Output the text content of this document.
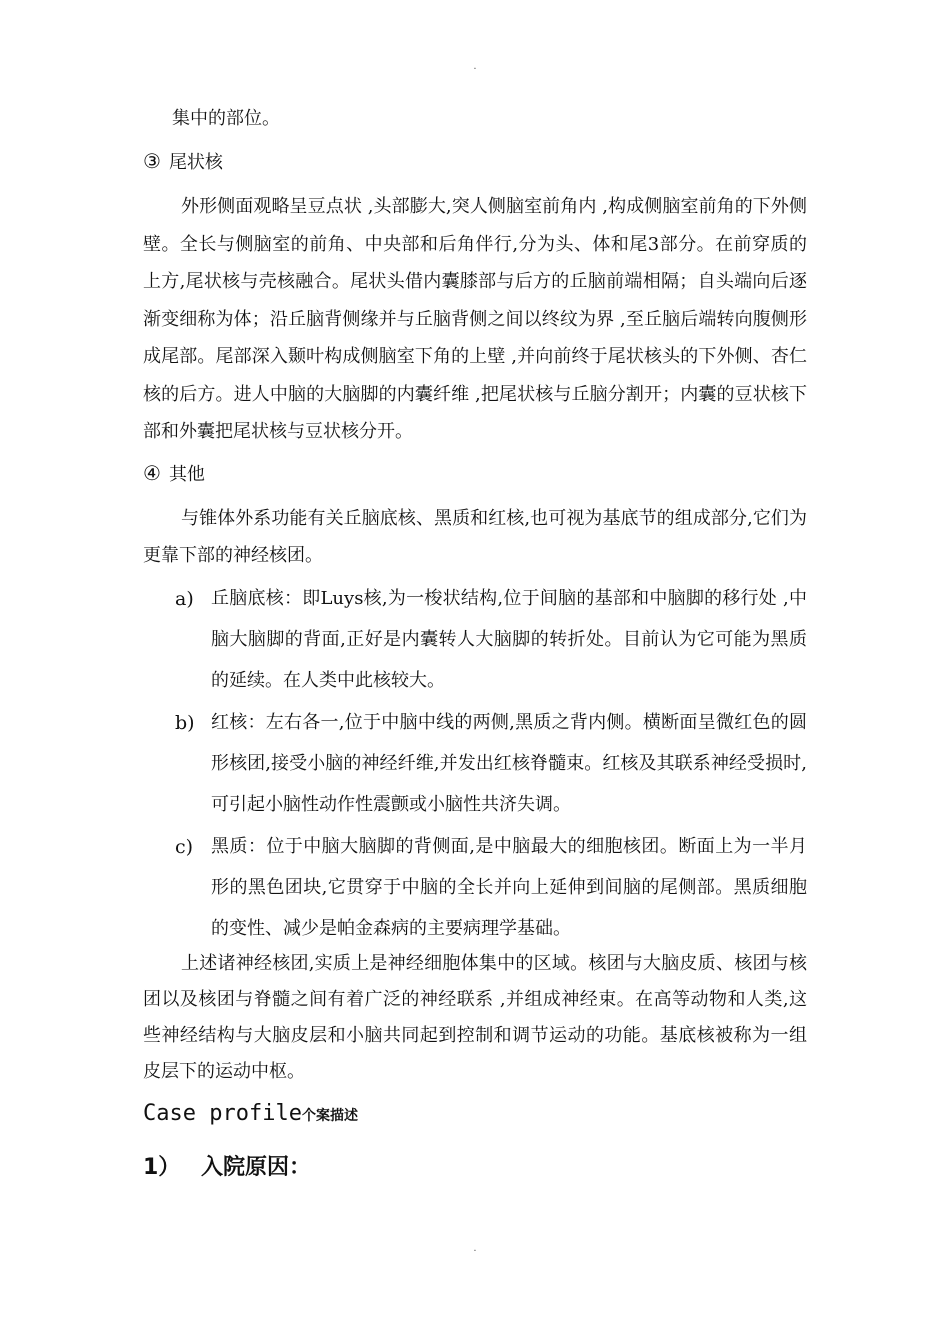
.
集中的部位。
③ 尾状核
外形侧面观略呈豆点状 ,头部膨大,突人侧脑室前角内 ,构成侧脑室前角的下外侧壁。全长与侧脑室的前角、中央部和后角伴行,分为头、体和尾3部分。在前穿质的上方,尾状核与壳核融合。尾状头借内囊膝部与后方的丘脑前端相隔；自头端向后逐渐变细称为体；沿丘脑背侧缘并与丘脑背侧之间以终纹为界 ,至丘脑后端转向腹侧形成尾部。尾部深入颞叶构成侧脑室下角的上壁 ,并向前终于尾状核头的下外侧、杏仁核的后方。进人中脑的大脑脚的内囊纤维 ,把尾状核与丘脑分割开；内囊的豆状核下部和外囊把尾状核与豆状核分开。
④ 其他
与锥体外系功能有关丘脑底核、黑质和红核,也可视为基底节的组成部分,它们为更靠下部的神经核团。
a) 丘脑底核：即Luys核,为一梭状结构,位于间脑的基部和中脑脚的移行处 ,中脑大脑脚的背面,正好是内囊转人大脑脚的转折处。目前认为它可能为黑质的延续。在人类中此核较大。
b) 红核：左右各一,位于中脑中线的两侧,黑质之背内侧。横断面呈微红色的圆形核团,接受小脑的神经纤维,并发出红核脊髓束。红核及其联系神经受损时,可引起小脑性动作性震颤或小脑性共济失调。
c) 黑质：位于中脑大脑脚的背侧面,是中脑最大的细胞核团。断面上为一半月形的黑色团块,它贯穿于中脑的全长并向上延伸到间脑的尾侧部。黑质细胞的变性、减少是帕金森病的主要病理学基础。
上述诸神经核团,实质上是神经细胞体集中的区域。核团与大脑皮质、核团与核团以及核团与脊髓之间有着广泛的神经联系 ,并组成神经束。在高等动物和人类,这些神经结构与大脑皮层和小脑共同起到控制和调节运动的功能。基底核被称为一组皮层下的运动中枢。
Case profile个案描述
1） 入院原因：
.
